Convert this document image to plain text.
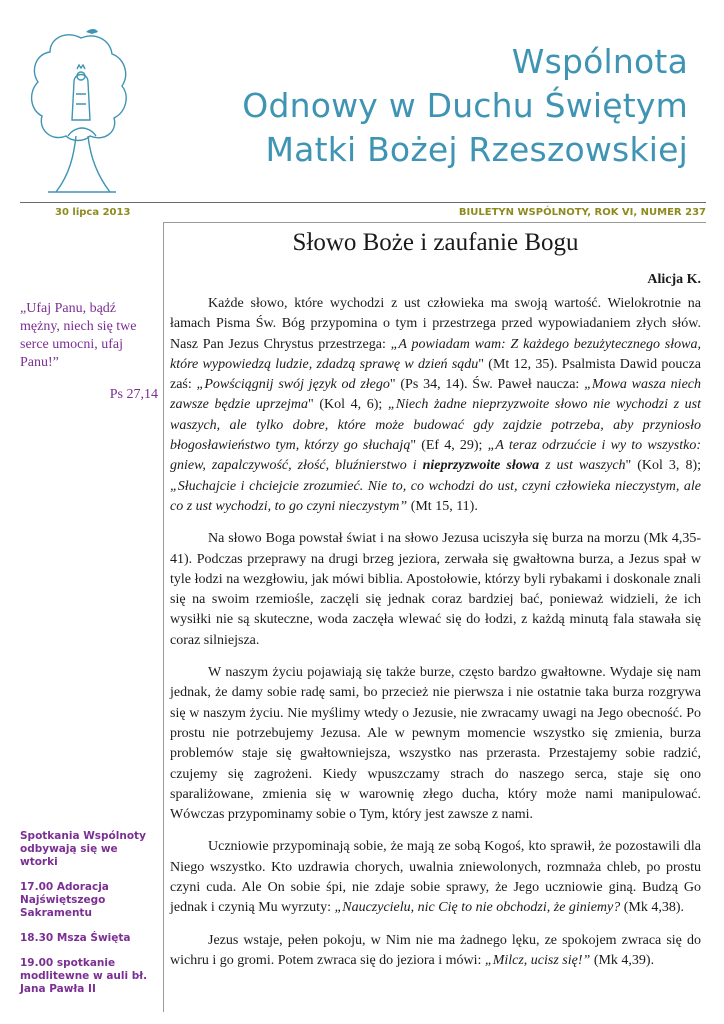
Wspólnota
Odnowy w Duchu Świętym
Matki Bożej Rzeszowskiej
30 lipca 2013	BIULETYN WSPÓLNOTY, ROK VI, NUMER 237
„Ufaj Panu, bądź mężny, niech się twe serce umocni, ufaj Panu!”
Ps 27,14

Spotkania Wspólnoty odbywają się we wtorki

17.00 Adoracja Najświętszego Sakramentu

18.30 Msza Święta

19.00 spotkanie modlitewne w auli bł. Jana Pawła II

Słowo Boże i zaufanie Bogu
Alicja K.

Każde słowo, które wychodzi z ust człowieka ma swoją wartość. Wielokrotnie na łamach Pisma Św. Bóg przypomina o tym i przestrzega przed wypowiadaniem złych słów. Nasz Pan Jezus Chrystus przestrzega: „A powiadam wam: Z każdego bezużytecznego słowa, które wypowiedzą ludzie, zdadzą sprawę w dzień sądu" (Mt 12, 35). Psalmista Dawid poucza zaś: „Powściągnij swój język od złego" (Ps 34, 14). Św. Paweł naucza: „Mowa wasza niech zawsze będzie uprzejma" (Kol 4, 6); „Niech żadne nieprzyzwoite słowo nie wychodzi z ust waszych, ale tylko dobre, które może budować gdy zajdzie potrzeba, aby przyniosło błogosławieństwo tym, którzy go słuchają" (Ef 4, 29); „A teraz odrzućcie i wy to wszystko: gniew, zapalczywość, złość, bluźnierstwo i nieprzyzwoite słowa z ust waszych" (Kol 3, 8); „Słuchajcie i chciejcie zrozumieć. Nie to, co wchodzi do ust, czyni człowieka nieczystym, ale co z ust wychodzi, to go czyni nieczystym” (Mt 15, 11).

Na słowo Boga powstał świat i na słowo Jezusa uciszyła się burza na morzu (Mk 4,35-41). Podczas przeprawy na drugi brzeg jeziora, zerwała się gwałtowna burza, a Jezus spał w tyle łodzi na wezgłowiu, jak mówi biblia. Apostołowie, którzy byli rybakami i doskonale znali się na swoim rzemiośle, zaczęli się jednak coraz bardziej bać, ponieważ widzieli, że ich wysiłki nie są skuteczne, woda zaczęła wlewać się do łodzi, z każdą minutą fala stawała się coraz silniejsza.

W naszym życiu pojawiają się także burze, często bardzo gwałtowne. Wydaje się nam jednak, że damy sobie radę sami, bo przecież nie pierwsza i nie ostatnie taka burza rozgrywa się w naszym życiu. Nie myślimy wtedy o Jezusie, nie zwracamy uwagi na Jego obecność. Po prostu nie potrzebujemy Jezusa. Ale w pewnym momencie wszystko się zmienia, burza problemów staje się gwałtowniejsza, wszystko nas przerasta. Przestajemy sobie radzić, czujemy się zagrożeni. Kiedy wpuszczamy strach do naszego serca, staje się ono sparaliżowane, zmienia się w warownię złego ducha, który może nami manipulować. Wówczas przypominamy sobie o Tym, który jest zawsze z nami.

Uczniowie przypominają sobie, że mają ze sobą Kogoś, kto sprawił, że pozostawili dla Niego wszystko. Kto uzdrawia chorych, uwalnia zniewolonych, rozmnaża chleb, po prostu czyni cuda. Ale On sobie śpi, nie zdaje sobie sprawy, że Jego uczniowie giną. Budzą Go jednak i czynią Mu wyrzuty: „Nauczycielu, nic Cię to nie obchodzi, że giniemy? (Mk 4,38).

Jezus wstaje, pełen pokoju, w Nim nie ma żadnego lęku, ze spokojem zwraca się do wichru i go gromi. Potem zwraca się do jeziora i mówi: „Milcz, ucisz się!” (Mk 4,39).
